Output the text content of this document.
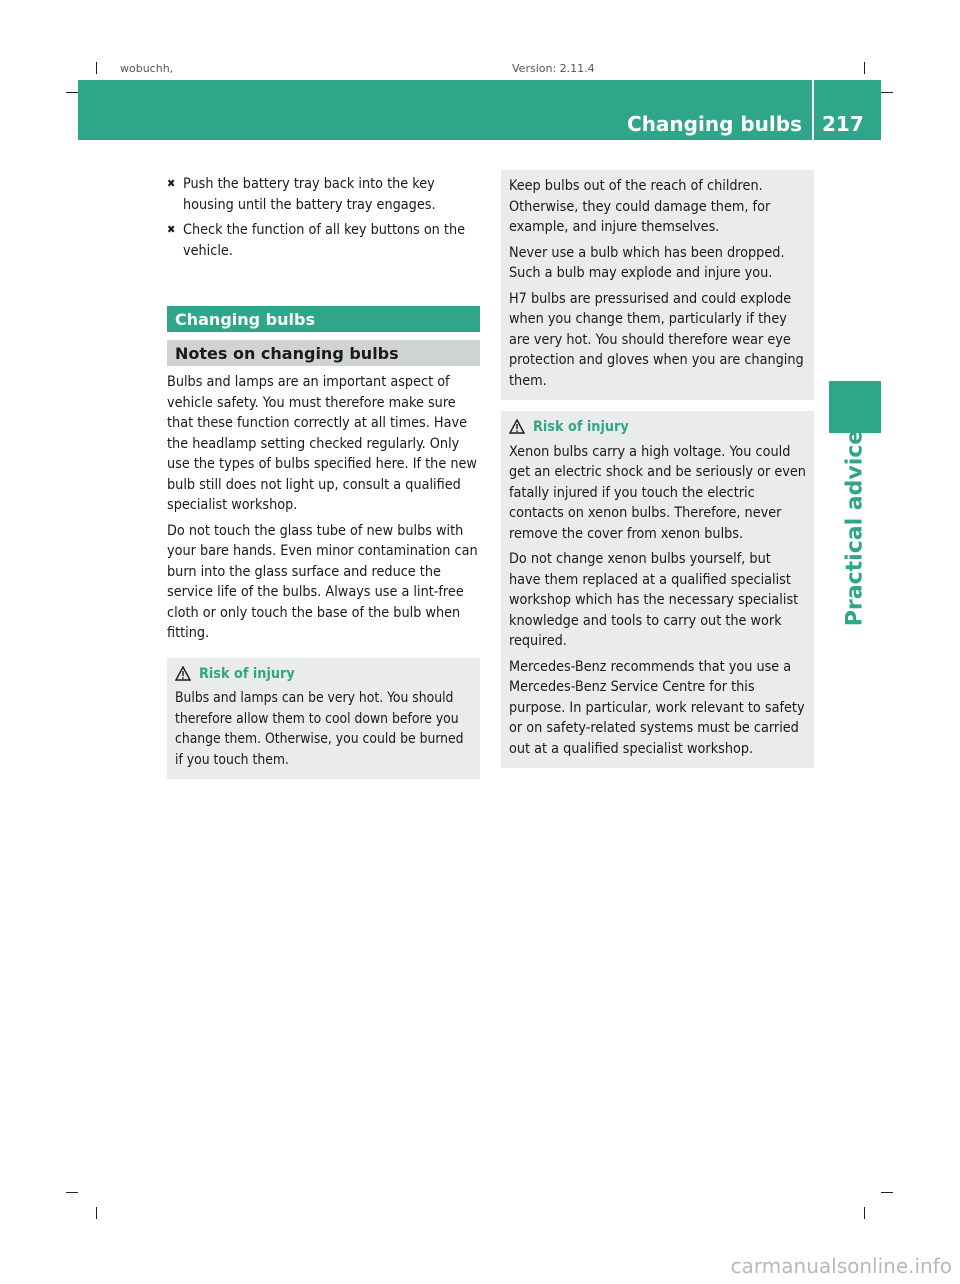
wobuchh,	Version: 2.11.4
Changing bulbs 217
Practical advice
✖ Push the battery tray back into the key housing until the battery tray engages.
✖ Check the function of all key buttons on the vehicle.
Changing bulbs
Notes on changing bulbs

Bulbs and lamps are an important aspect of vehicle safety. You must therefore make sure that these function correctly at all times. Have the headlamp setting checked regularly. Only use the types of bulbs specified here. If the new bulb still does not light up, consult a qualified specialist workshop.

Do not touch the glass tube of new bulbs with your bare hands. Even minor contamination can burn into the glass surface and reduce the service life of the bulbs. Always use a lint-free cloth or only touch the base of the bulb when fitting.

Risk of injury

Bulbs and lamps can be very hot. You should therefore allow them to cool down before you change them. Otherwise, you could be burned if you touch them.

Keep bulbs out of the reach of children. Otherwise, they could damage them, for example, and injure themselves.

Never use a bulb which has been dropped. Such a bulb may explode and injure you.

H7 bulbs are pressurised and could explode when you change them, particularly if they are very hot. You should therefore wear eye protection and gloves when you are changing them.

Risk of injury

Xenon bulbs carry a high voltage. You could get an electric shock and be seriously or even fatally injured if you touch the electric contacts on xenon bulbs. Therefore, never remove the cover from xenon bulbs.

Do not change xenon bulbs yourself, but have them replaced at a qualified specialist workshop which has the necessary specialist knowledge and tools to carry out the work required.

Mercedes-Benz recommends that you use a Mercedes-Benz Service Centre for this purpose. In particular, work relevant to safety or on safety-related systems must be carried out at a qualified specialist workshop.

carmanualsonline.info
